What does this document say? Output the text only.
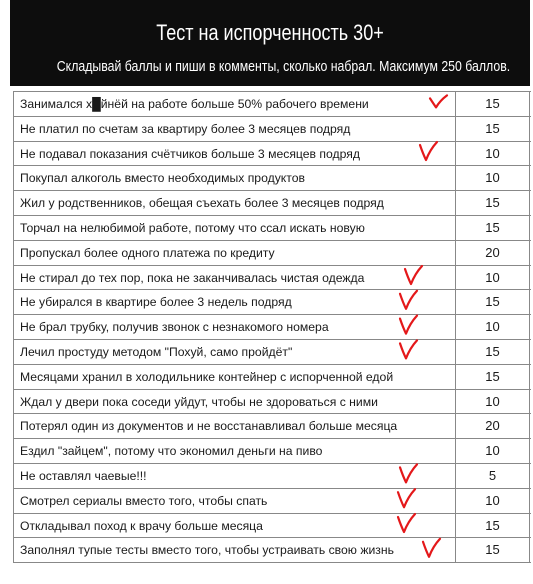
Тест на испорченность 30+
Складывай баллы и пиши в комменты, сколько набрал. Максимум 250 баллов.
Занимался х█йнёй на работе больше 50% рабочего времени	15
Не платил по счетам за квартиру более 3 месяцев подряд	15
Не подавал показания счётчиков больше 3 месяцев подряд	10
Покупал алкоголь вместо необходимых продуктов	10
Жил у родственников, обещая съехать более 3 месяцев подряд	15
Торчал на нелюбимой работе, потому что ссал искать новую	15
Пропускал более одного платежа по кредиту	20
Не стирал до тех пор, пока не заканчивалась чистая одежда	10
Не убирался в квартире более 3 недель подряд	15
Не брал трубку, получив звонок с незнакомого номера	10
Лечил простуду методом "Похуй, само пройдёт"	15
Месяцами хранил в холодильнике контейнер с испорченной едой	15
Ждал у двери пока соседи уйдут, чтобы не здороваться с ними	10
Потерял один из документов и не восстанавливал больше месяца	20
Ездил "зайцем", потому что экономил деньги на пиво	10
Не оставлял чаевые!!!	5
Смотрел сериалы вместо того, чтобы спать	10
Откладывал поход к врачу больше месяца	15
Заполнял тупые тесты вместо того, чтобы устраивать свою жизнь	15
